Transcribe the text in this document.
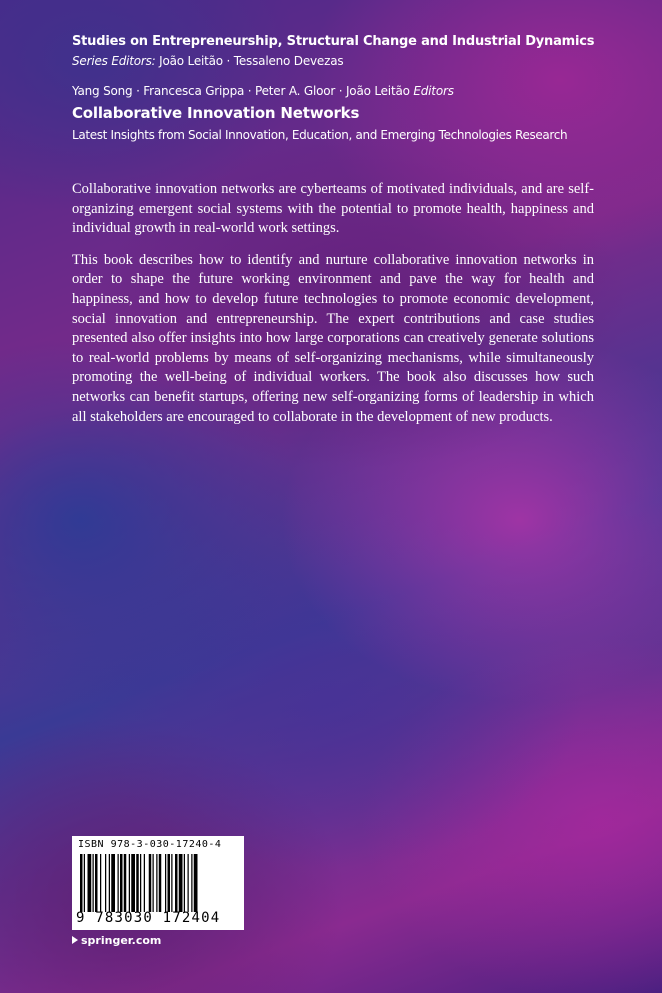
Studies on Entrepreneurship, Structural Change and Industrial Dynamics
Series Editors: João Leitão · Tessaleno Devezas
Yang Song · Francesca Grippa · Peter A. Gloor · João Leitão Editors
Collaborative Innovation Networks
Latest Insights from Social Innovation, Education, and Emerging Technologies Research

Collaborative innovation networks are cyberteams of motivated individuals, and are self-organizing emergent social systems with the potential to promote health, happiness and individual growth in real-world work settings.

This book describes how to identify and nurture collaborative innovation networks in order to shape the future working environment and pave the way for health and happiness, and how to develop future technologies to promote economic development, social innovation and entrepreneurship. The expert contributions and case studies presented also offer insights into how large corporations can creatively generate solutions to real-world problems by means of self-organizing mechanisms, while simultaneously promoting the well-being of individual workers. The book also discusses how such networks can benefit startups, offering new self-organizing forms of leadership in which all stakeholders are encouraged to collaborate in the development of new products.

ISBN 978-3-030-17240-4
9 783030 172404
springer.com
